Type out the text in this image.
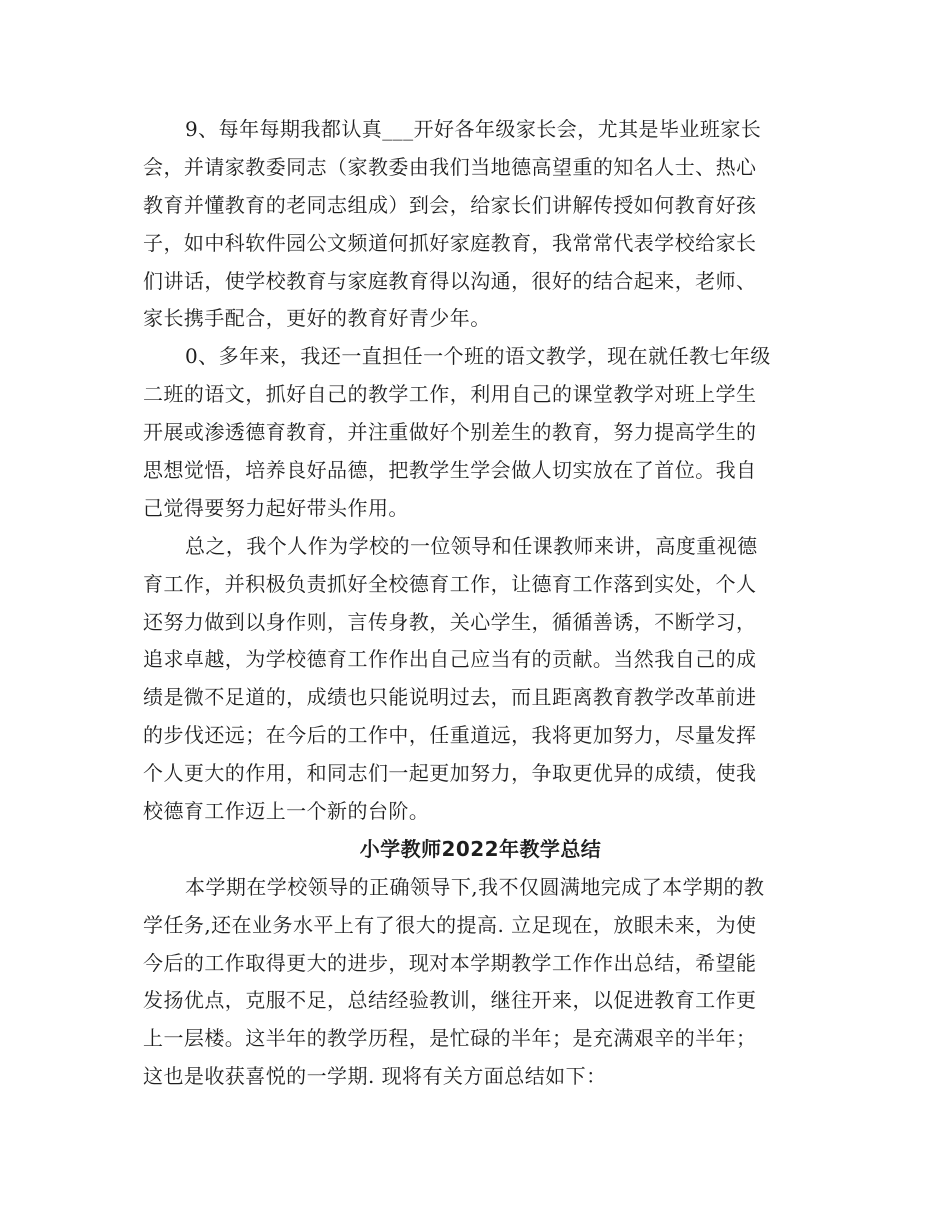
9、每年每期我都认真___开好各年级家长会，尤其是毕业班家长
会，并请家教委同志（家教委由我们当地德高望重的知名人士、热心
教育并懂教育的老同志组成）到会，给家长们讲解传授如何教育好孩
子，如中科软件园公文频道何抓好家庭教育，我常常代表学校给家长
们讲话，使学校教育与家庭教育得以沟通，很好的结合起来，老师、
家长携手配合，更好的教育好青少年。
0、多年来，我还一直担任一个班的语文教学，现在就任教七年级
二班的语文，抓好自己的教学工作，利用自己的课堂教学对班上学生
开展或渗透德育教育，并注重做好个别差生的教育，努力提高学生的
思想觉悟，培养良好品德，把教学生学会做人切实放在了首位。我自
己觉得要努力起好带头作用。
总之，我个人作为学校的一位领导和任课教师来讲，高度重视德
育工作，并积极负责抓好全校德育工作，让德育工作落到实处，个人
还努力做到以身作则，言传身教，关心学生，循循善诱，不断学习，
追求卓越，为学校德育工作作出自己应当有的贡献。当然我自己的成
绩是微不足道的，成绩也只能说明过去，而且距离教育教学改革前进
的步伐还远；在今后的工作中，任重道远，我将更加努力，尽量发挥
个人更大的作用，和同志们一起更加努力，争取更优异的成绩，使我
校德育工作迈上一个新的台阶。
小学教师2022年教学总结
本学期在学校领导的正确领导下,我不仅圆满地完成了本学期的教
学任务,还在业务水平上有了很大的提高. 立足现在，放眼未来，为使
今后的工作取得更大的进步，现对本学期教学工作作出总结，希望能
发扬优点，克服不足，总结经验教训，继往开来，以促进教育工作更
上一层楼。这半年的教学历程，是忙碌的半年；是充满艰辛的半年；
这也是收获喜悦的一学期. 现将有关方面总结如下：
